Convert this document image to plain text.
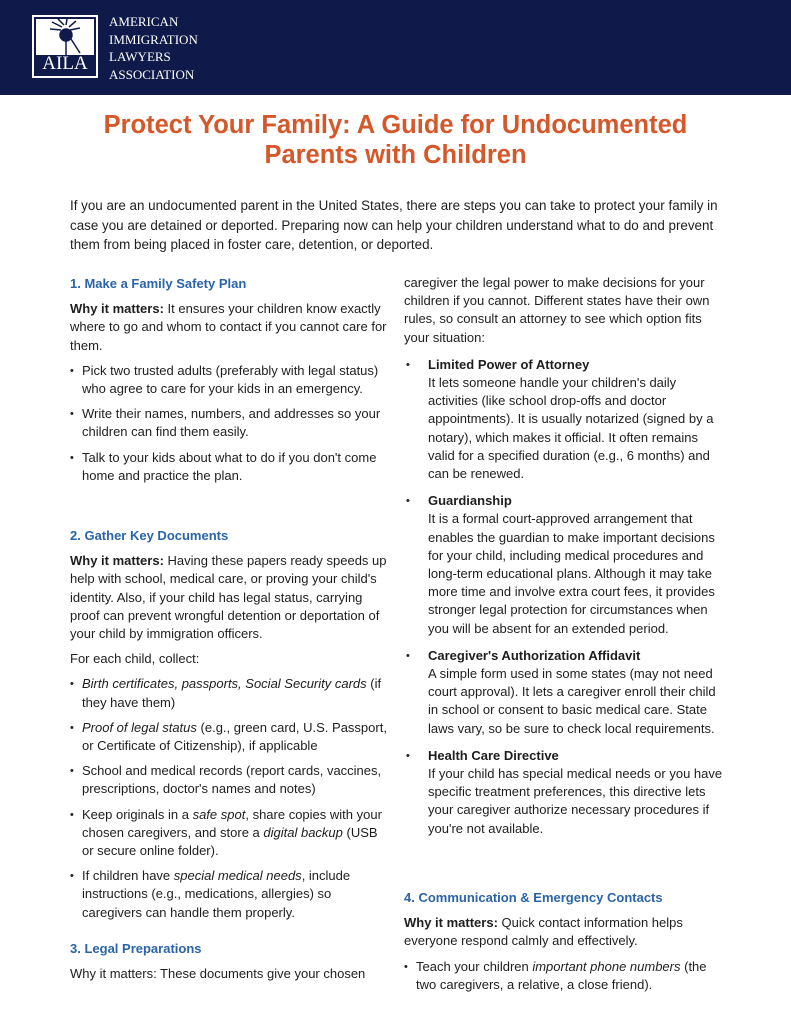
AILA
AMERICAN
IMMIGRATION
LAWYERS
ASSOCIATION
Protect Your Family: A Guide for Undocumented
Parents with Children
If you are an undocumented parent in the United States, there are steps you can take to protect your family in case you are detained or deported. Preparing now can help your children understand what to do and prevent them from being placed in foster care, detention, or deported.
1. Make a Family Safety Plan

Why it matters: It ensures your children know exactly where to go and whom to contact if you cannot care for them.

• Pick two trusted adults (preferably with legal status) who agree to care for your kids in an emergency.
• Write their names, numbers, and addresses so your children can find them easily.
• Talk to your kids about what to do if you don't come home and practice the plan.
2. Gather Key Documents

Why it matters: Having these papers ready speeds up help with school, medical care, or proving your child's identity. Also, if your child has legal status, carrying proof can prevent wrongful detention or deportation of your child by immigration officers.

For each child, collect:

• Birth certificates, passports, Social Security cards (if they have them)
• Proof of legal status (e.g., green card, U.S. Passport, or Certificate of Citizenship), if applicable
• School and medical records (report cards, vaccines, prescriptions, doctor's names and notes)
• Keep originals in a safe spot, share copies with your chosen caregivers, and store a digital backup (USB or secure online folder).
• If children have special medical needs, include instructions (e.g., medications, allergies) so caregivers can handle them properly.
3. Legal Preparations

Why it matters: These documents give your chosen

caregiver the legal power to make decisions for your children if you cannot. Different states have their own rules, so consult an attorney to see which option fits your situation:

• Limited Power of Attorney
It lets someone handle your children's daily activities (like school drop-offs and doctor appointments). It is usually notarized (signed by a notary), which makes it official. It often remains valid for a specified duration (e.g., 6 months) and can be renewed.
• Guardianship
It is a formal court-approved arrangement that enables the guardian to make important decisions for your child, including medical procedures and long-term educational plans. Although it may take more time and involve extra court fees, it provides stronger legal protection for circumstances when you will be absent for an extended period.
• Caregiver's Authorization Affidavit
A simple form used in some states (may not need court approval). It lets a caregiver enroll their child in school or consent to basic medical care. State laws vary, so be sure to check local requirements.
• Health Care Directive
If your child has special medical needs or you have specific treatment preferences, this directive lets your caregiver authorize necessary procedures if you're not available.
4. Communication & Emergency Contacts

Why it matters: Quick contact information helps everyone respond calmly and effectively.

• Teach your children important phone numbers (the two caregivers, a relative, a close friend).
